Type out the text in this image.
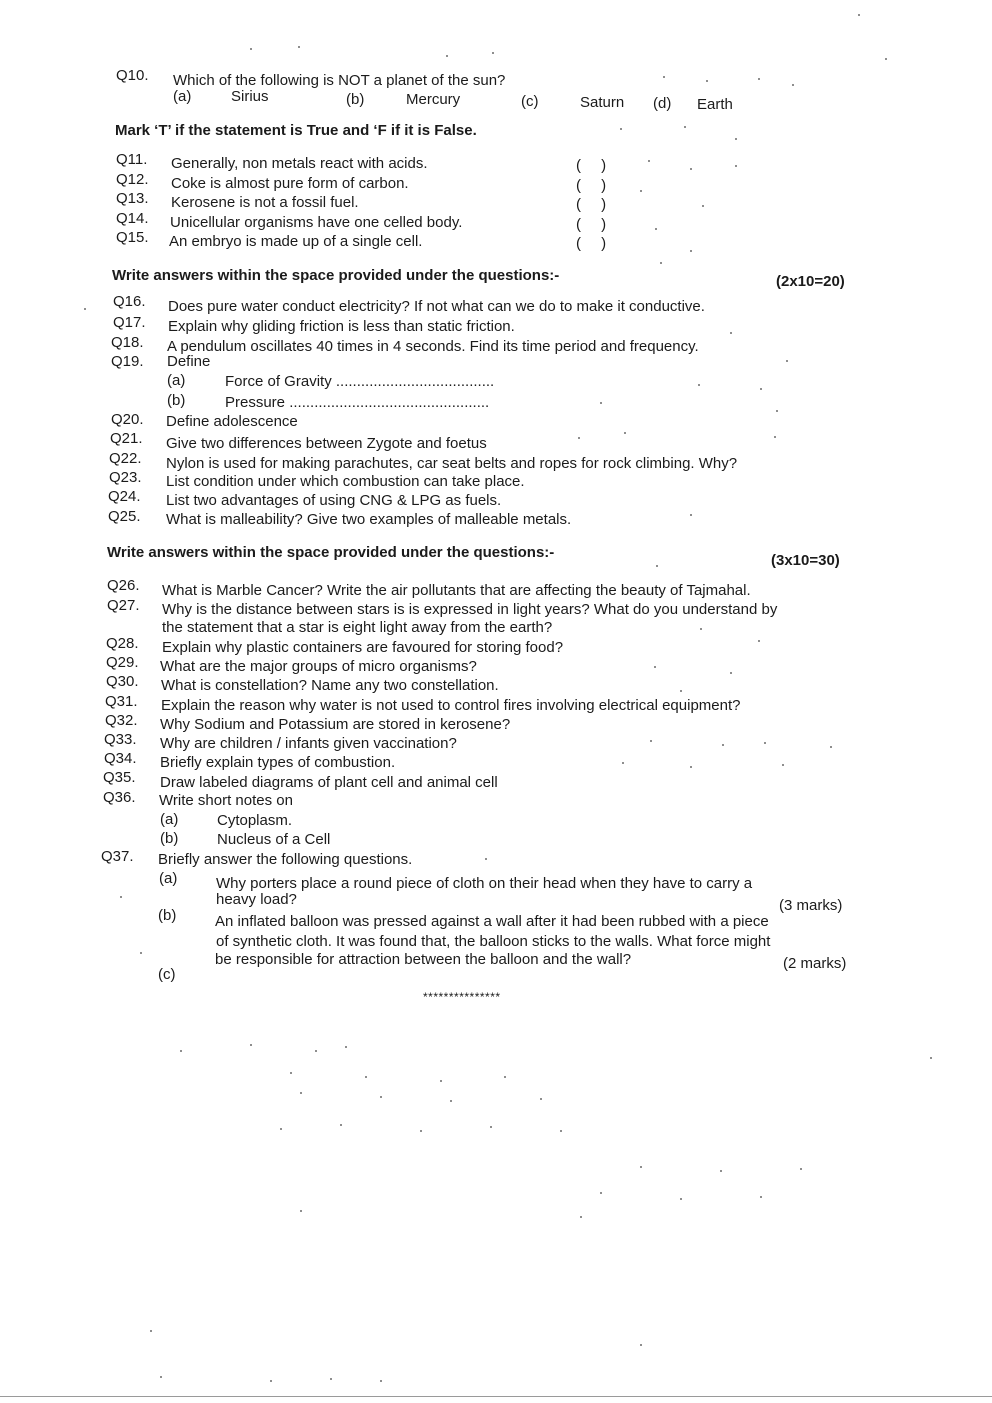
Q10. Which of the following is NOT a planet of the sun?
(a)	Sirius	(b)	Mercury	(c)	Saturn (d) Earth
Mark ‘T’ if the statement is True and ‘F if it is False.
Q11. Generally, non metals react with acids.	( )
Q12. Coke is almost pure form of carbon.	( )
Q13. Kerosene is not a fossil fuel.	( )
Q14. Unicellular organisms have one celled body.	( )
Q15. An embryo is made up of a single cell.	( )
Write answers within the space provided under the questions:-	(2x10=20)
Q16. Does pure water conduct electricity? If not what can we do to make it conductive.
Q17. Explain why gliding friction is less than static friction.
Q18. A pendulum oscillates 40 times in 4 seconds. Find its time period and frequency.
Q19. Define
(a)	Force of Gravity ......................................
(b)	Pressure ................................................
Q20. Define adolescence
Q21. Give two differences between Zygote and foetus
Q22. Nylon is used for making parachutes, car seat belts and ropes for rock climbing. Why?
Q23. List condition under which combustion can take place.
Q24. List two advantages of using CNG & LPG as fuels.
Q25. What is malleability? Give two examples of malleable metals.
Write answers within the space provided under the questions:-	(3x10=30)
Q26. What is Marble Cancer? Write the air pollutants that are affecting the beauty of Tajmahal.
Q27. Why is the distance between stars is is expressed in light years? What do you understand by
the statement that a star is eight light away from the earth?
Q28. Explain why plastic containers are favoured for storing food?
Q29. What are the major groups of micro organisms?
Q30. What is constellation? Name any two constellation.
Q31. Explain the reason why water is not used to control fires involving electrical equipment?
Q32. Why Sodium and Potassium are stored in kerosene?
Q33. Why are children / infants given vaccination?
Q34. Briefly explain types of combustion.
Q35. Draw labeled diagrams of plant cell and animal cell
Q36. Write short notes on
(a)	Cytoplasm.
(b)	Nucleus of a Cell
Q37. Briefly answer the following questions.
(a)	Why porters place a round piece of cloth on their head when they have to carry a
heavy load?	(3 marks)
(b)	An inflated balloon was pressed against a wall after it had been rubbed with a piece
of synthetic cloth. It was found that, the balloon sticks to the walls. What force might
be responsible for attraction between the balloon and the wall?	(2 marks)
(c)
***************
